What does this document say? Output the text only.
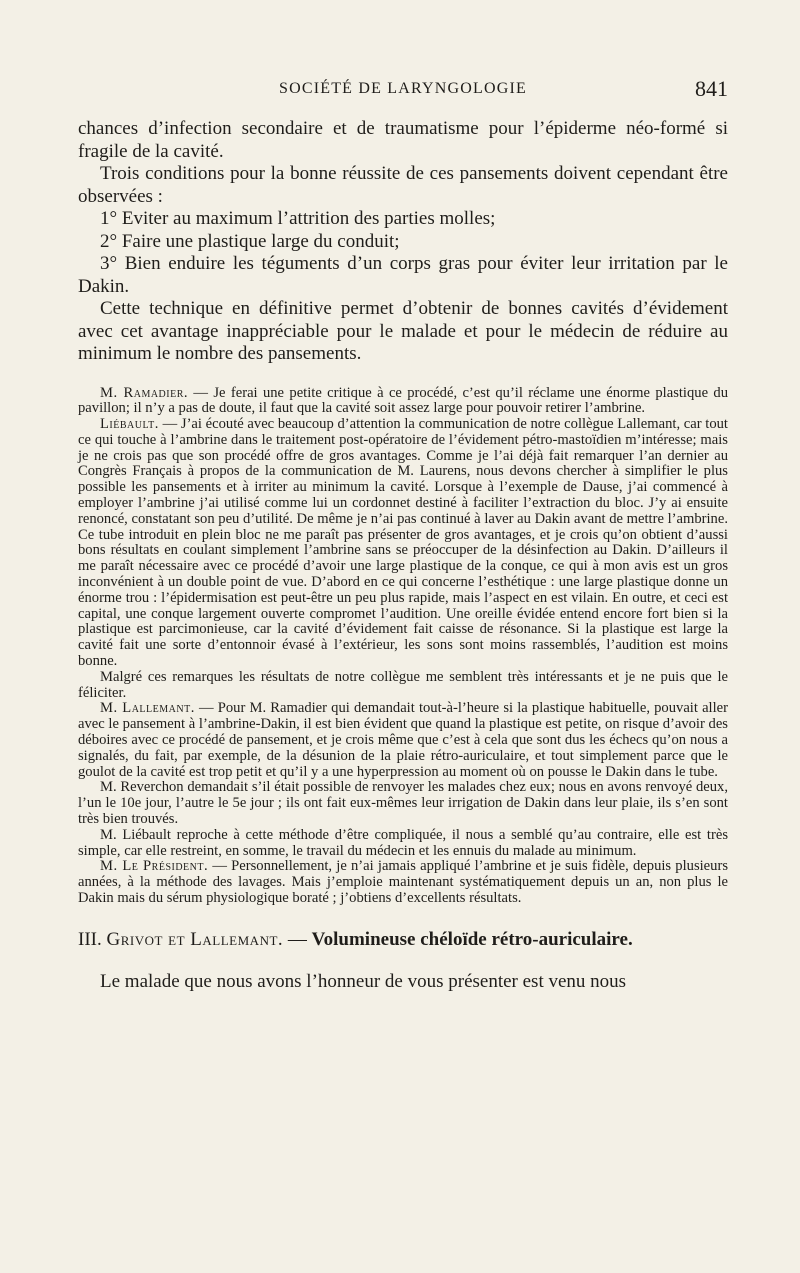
SOCIÉTÉ DE LARYNGOLOGIE	841

chances d’infection secondaire et de traumatisme pour l’épiderme néo-formé si fragile de la cavité.

Trois conditions pour la bonne réussite de ces pansements doivent cependant être observées :

1° Eviter au maximum l’attrition des parties molles;

2° Faire une plastique large du conduit;

3° Bien enduire les téguments d’un corps gras pour éviter leur irritation par le Dakin.

Cette technique en définitive permet d’obtenir de bonnes cavités d’évidement avec cet avantage inappréciable pour le malade et pour le médecin de réduire au minimum le nombre des pansements.

M. Ramadier. — Je ferai une petite critique à ce procédé, c’est qu’il réclame une énorme plastique du pavillon; il n’y a pas de doute, il faut que la cavité soit assez large pour pouvoir retirer l’ambrine.

Liébault. — J’ai écouté avec beaucoup d’attention la communication de notre collègue Lallemant, car tout ce qui touche à l’ambrine dans le traitement post-opératoire de l’évidement pétro-mastoïdien m’intéresse; mais je ne crois pas que son procédé offre de gros avantages. Comme je l’ai déjà fait remarquer l’an dernier au Congrès Français à propos de la communication de M. Laurens, nous devons chercher à simplifier le plus possible les pansements et à irriter au minimum la cavité. Lorsque à l’exemple de Dause, j’ai commencé à employer l’ambrine j’ai utilisé comme lui un cordonnet destiné à faciliter l’extraction du bloc. J’y ai ensuite renoncé, constatant son peu d’utilité. De même je n’ai pas continué à laver au Dakin avant de mettre l’ambrine. Ce tube introduit en plein bloc ne me paraît pas présenter de gros avantages, et je crois qu’on obtient d’aussi bons résultats en coulant simplement l’ambrine sans se préoccuper de la désinfection au Dakin. D’ailleurs il me paraît nécessaire avec ce procédé d’avoir une large plastique de la conque, ce qui à mon avis est un gros inconvénient à un double point de vue. D’abord en ce qui concerne l’esthétique : une large plastique donne un énorme trou : l’épidermisation est peut-être un peu plus rapide, mais l’aspect en est vilain. En outre, et ceci est capital, une conque largement ouverte compromet l’audition. Une oreille évidée entend encore fort bien si la plastique est parcimonieuse, car la cavité d’évidement fait caisse de résonance. Si la plastique est large la cavité fait une sorte d’entonnoir évasé à l’extérieur, les sons sont moins rassemblés, l’audition est moins bonne.

Malgré ces remarques les résultats de notre collègue me semblent très intéressants et je ne puis que le féliciter.

M. Lallemant. — Pour M. Ramadier qui demandait tout-à-l’heure si la plastique habituelle, pouvait aller avec le pansement à l’ambrine-Dakin, il est bien évident que quand la plastique est petite, on risque d’avoir des déboires avec ce procédé de pansement, et je crois même que c’est à cela que sont dus les échecs qu’on nous a signalés, du fait, par exemple, de la désunion de la plaie rétro-auriculaire, et tout simplement parce que le goulot de la cavité est trop petit et qu’il y a une hyperpression au moment où on pousse le Dakin dans le tube.

M. Reverchon demandait s’il était possible de renvoyer les malades chez eux; nous en avons renvoyé deux, l’un le 10e jour, l’autre le 5e jour ; ils ont fait eux-mêmes leur irrigation de Dakin dans leur plaie, ils s’en sont très bien trouvés.

M. Liébault reproche à cette méthode d’être compliquée, il nous a semblé qu’au contraire, elle est très simple, car elle restreint, en somme, le travail du médecin et les ennuis du malade au minimum.

M. Le Président. — Personnellement, je n’ai jamais appliqué l’ambrine et je suis fidèle, depuis plusieurs années, à la méthode des lavages. Mais j’emploie maintenant systématiquement depuis un an, non plus le Dakin mais du sérum physiologique boraté ; j’obtiens d’excellents résultats.

III. Grivot et Lallemant. — Volumineuse chéloïde rétro-auriculaire.

Le malade que nous avons l’honneur de vous présenter est venu nous
